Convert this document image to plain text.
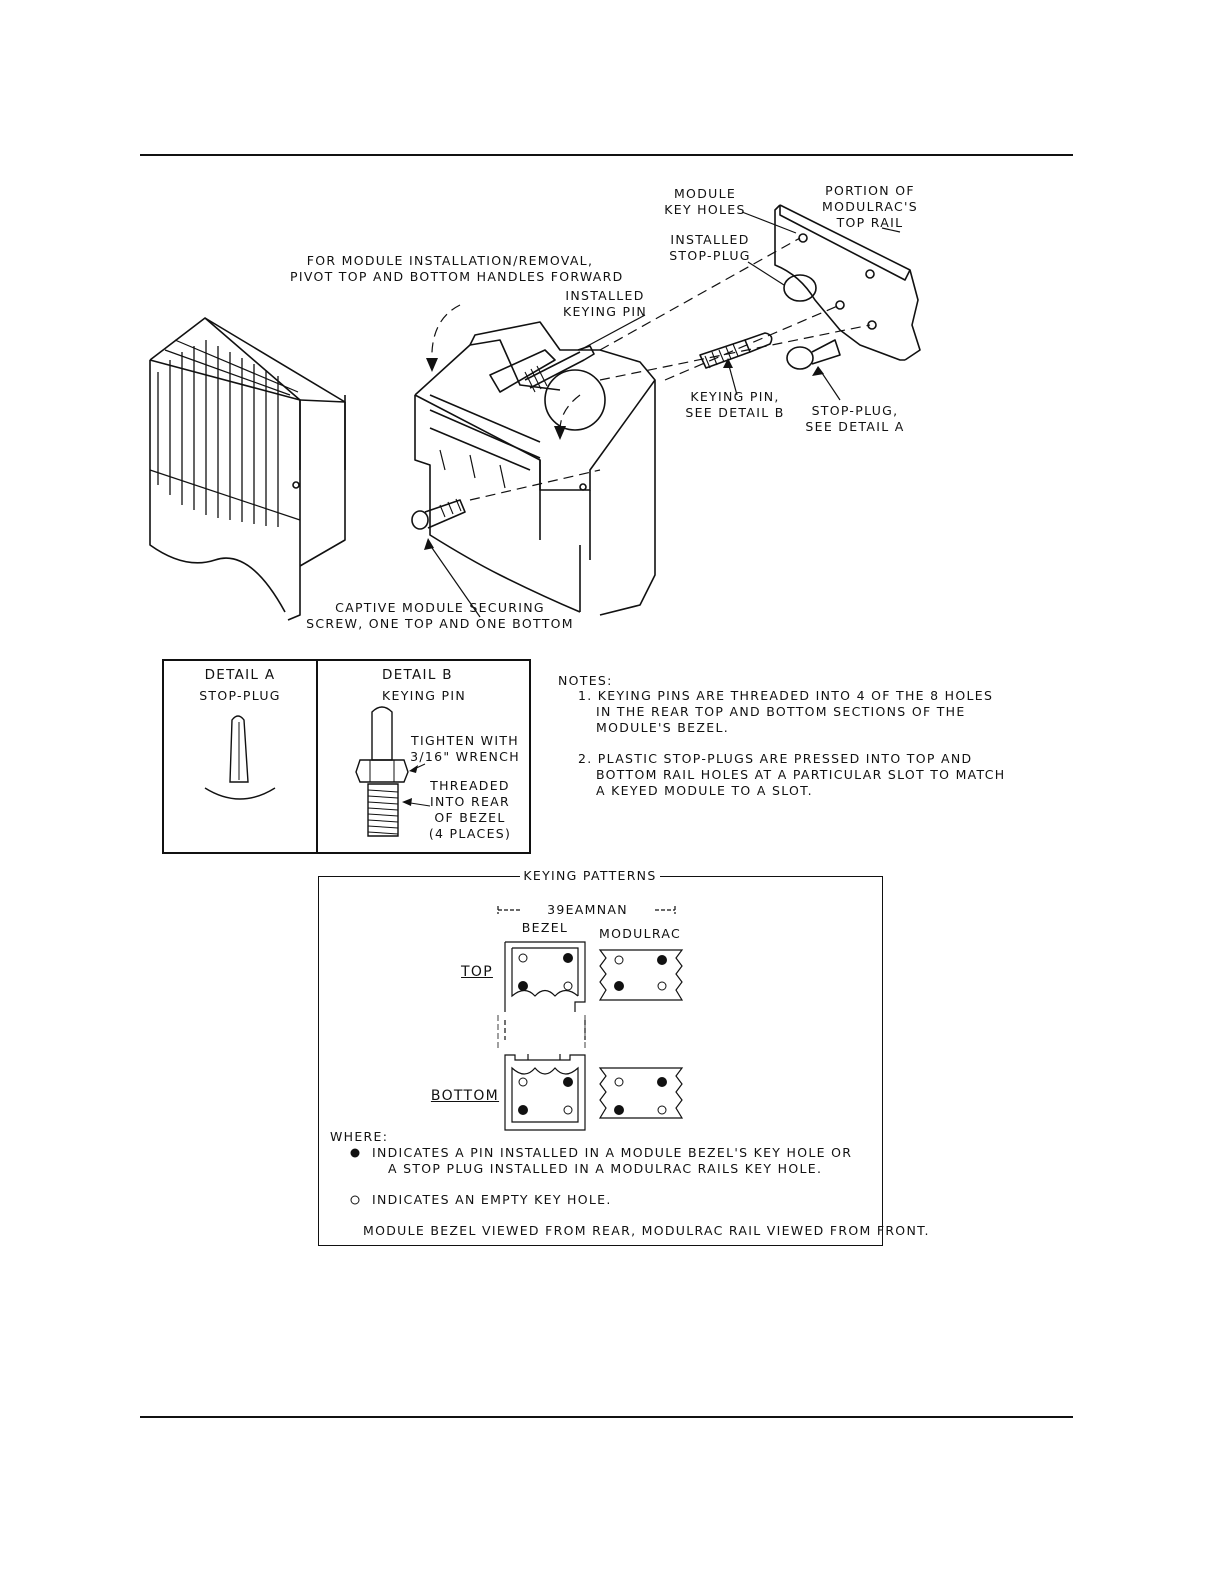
MODULE
KEY HOLES
PORTION OF
MODULRAC'S
TOP RAIL
INSTALLED
STOP-PLUG
FOR MODULE INSTALLATION/REMOVAL,
PIVOT TOP AND BOTTOM HANDLES FORWARD
INSTALLED
KEYING PIN
KEYING PIN,
SEE DETAIL B	STOP-PLUG,
SEE DETAIL A
CAPTIVE MODULE SECURING
SCREW, ONE TOP AND ONE BOTTOM
DETAIL A
STOP-PLUG
DETAIL B
KEYING PIN
TIGHTEN WITH
3/16" WRENCH
THREADED
INTO REAR
OF BEZEL
(4 PLACES)
NOTES:
1. KEYING PINS ARE THREADED INTO 4 OF THE 8 HOLES
IN THE REAR TOP AND BOTTOM SECTIONS OF THE
MODULE'S BEZEL.
2. PLASTIC STOP-PLUGS ARE PRESSED INTO TOP AND
BOTTOM RAIL HOLES AT A PARTICULAR SLOT TO MATCH
A KEYED MODULE TO A SLOT.
KEYING PATTERNS
39EAMNAN
BEZEL	MODULRAC
TOP
BOTTOM
WHERE:
INDICATES A PIN INSTALLED IN A MODULE BEZEL'S KEY HOLE OR
A STOP PLUG INSTALLED IN A MODULRAC RAILS KEY HOLE.
INDICATES AN EMPTY KEY HOLE.
MODULE BEZEL VIEWED FROM REAR, MODULRAC RAIL VIEWED FROM FRONT.
